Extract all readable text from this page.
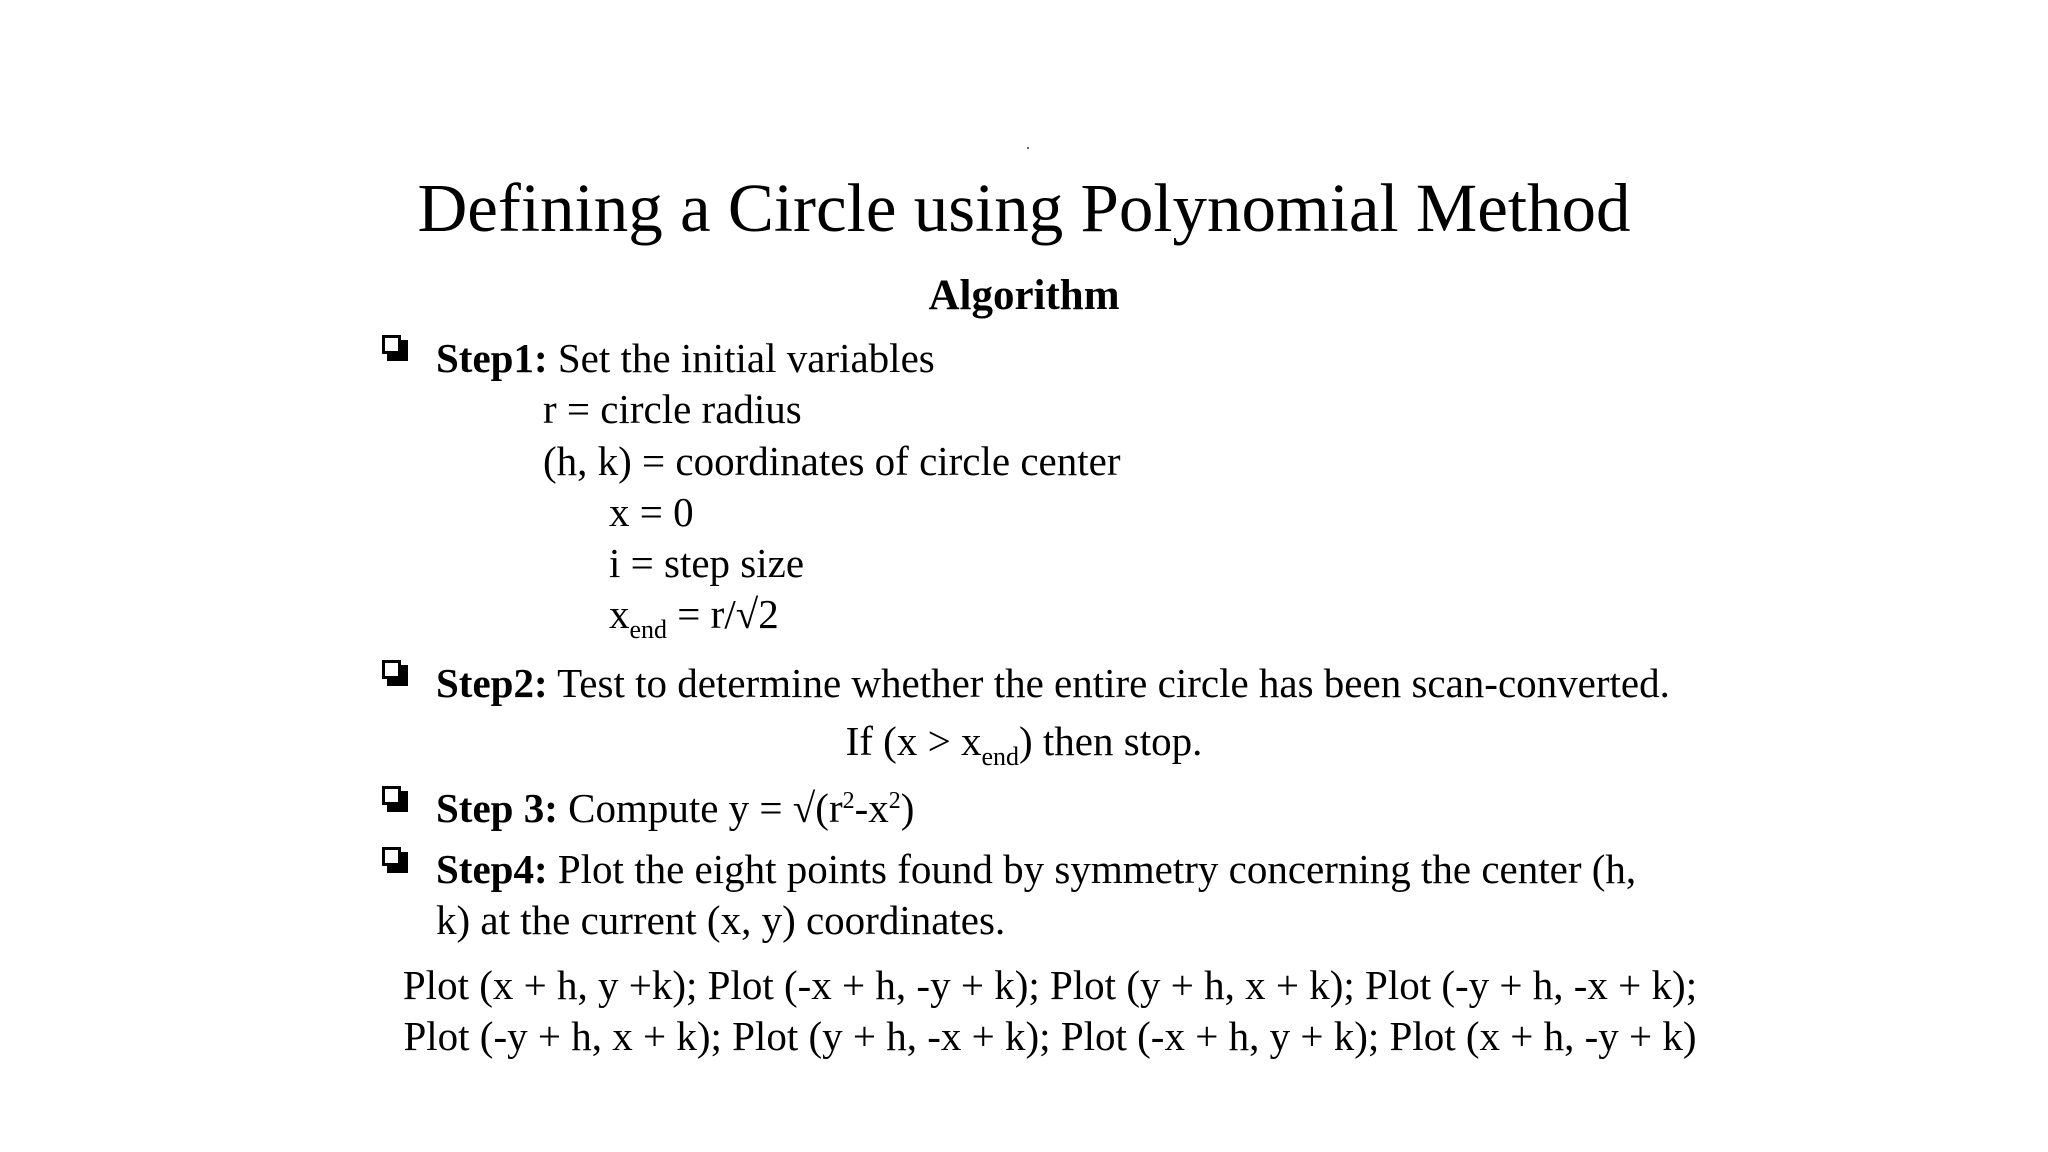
Defining a Circle using Polynomial Method
Algorithm
Step1: Set the initial variables
r = circle radius
(h, k) = coordinates of circle center
x = 0
i = step size
$x_{end} = r/√2$
Step2: Test to determine whether the entire circle has been scan-converted.
If $(x > x_{end})$ then stop.
Step 3: Compute $y = √(r^2-x^2)$
Step4: Plot the eight points found by symmetry concerning the center (h,
k) at the current (x, y) coordinates.
Plot (x + h, y +k); Plot (-x + h, -y + k); Plot (y + h, x + k); Plot (-y + h, -x + k); Plot (-y + h, x + k); Plot (y + h, -x + k); Plot (-x + h, y + k); Plot (x + h, -y + k)
